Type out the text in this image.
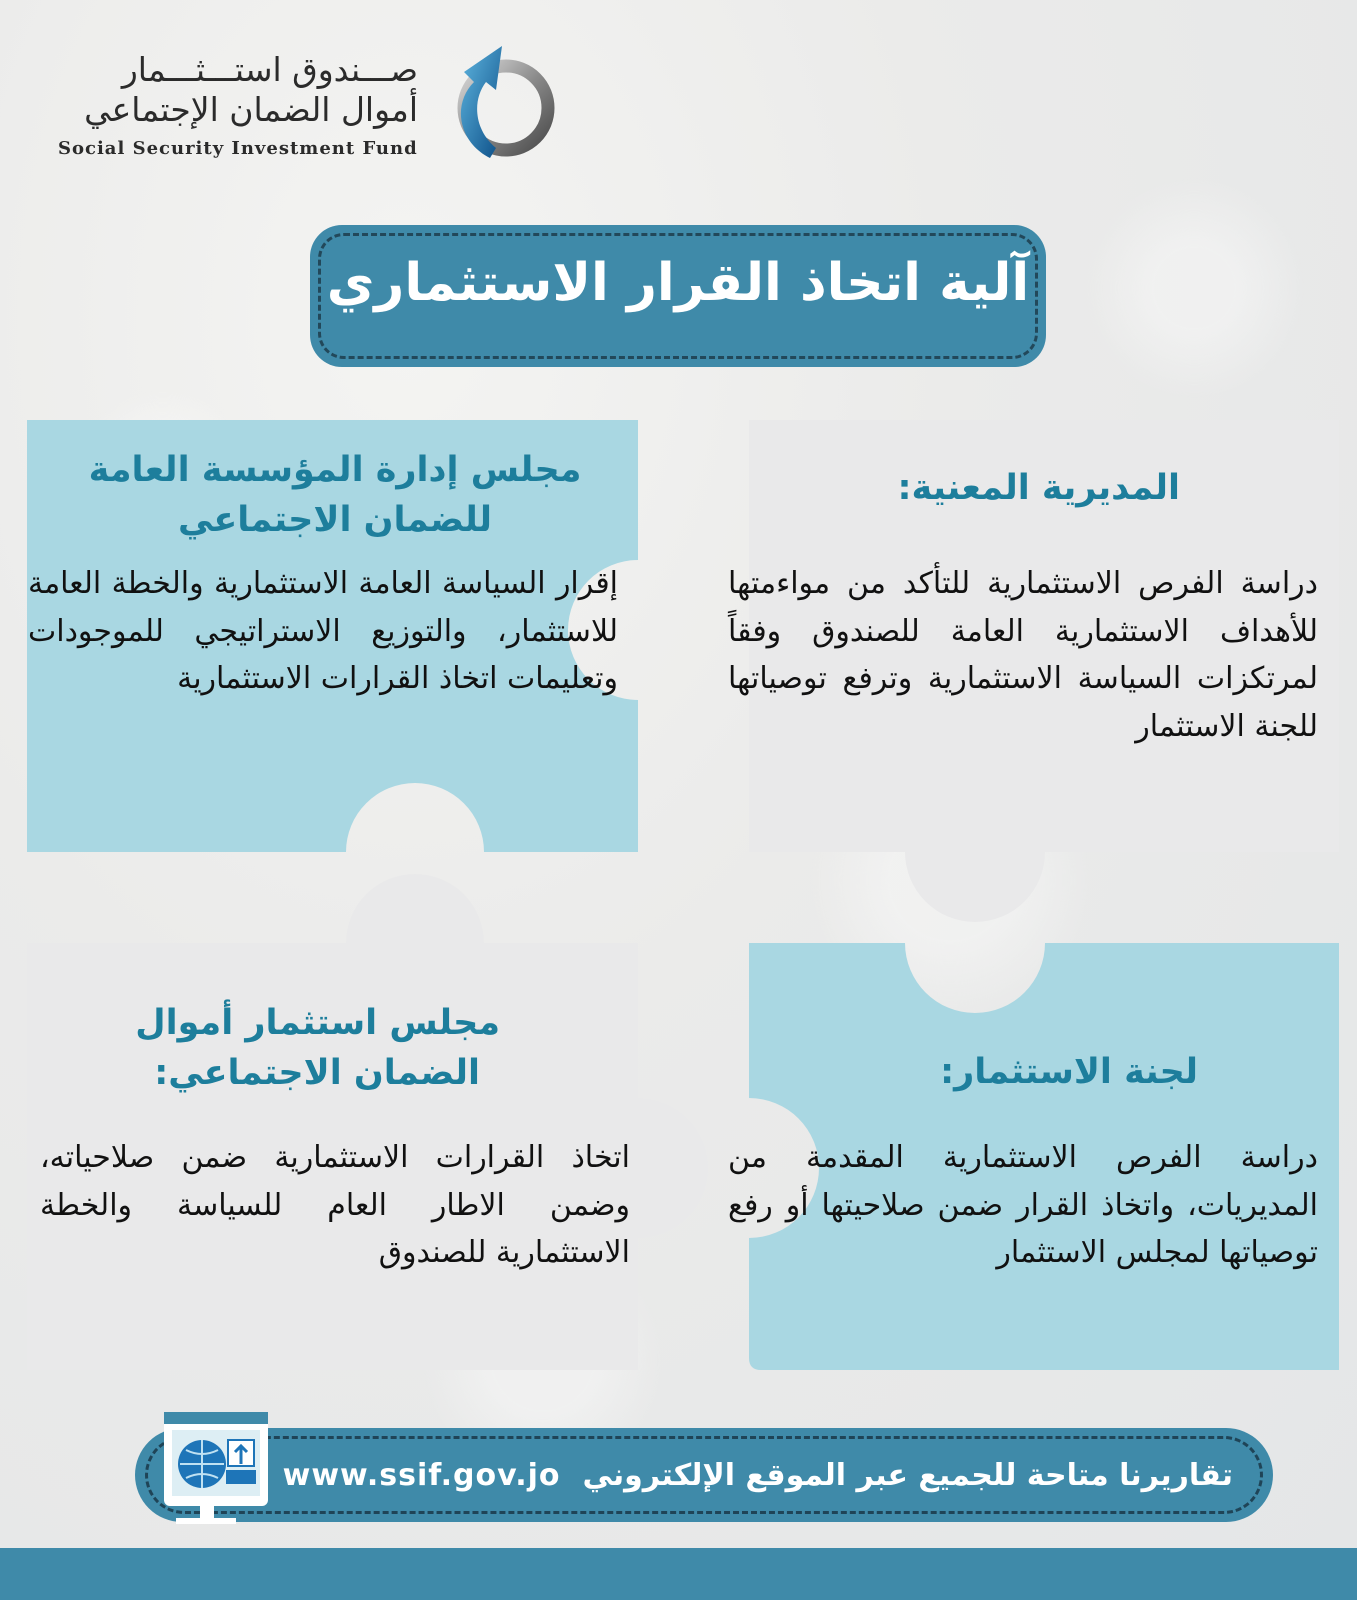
صـــندوق استـــثـــمار
أموال الضمان الإجتماعي
Social Security Investment Fund
آلية اتخاذ القرار الاستثماري
المديرية المعنية:
دراسة الفرص الاستثمارية للتأكد من مواءمتها للأهداف الاستثمارية العامة للصندوق وفقاً لمرتكزات السياسة الاستثمارية وترفع توصياتها للجنة الاستثمار
مجلس إدارة المؤسسة العامة
للضمان الاجتماعي
إقرار السياسة العامة الاستثمارية والخطة العامة للاستثمار، والتوزيع الاستراتيجي للموجودات وتعليمات اتخاذ القرارات الاستثمارية
لجنة الاستثمار:
دراسة الفرص الاستثمارية المقدمة من المديريات، واتخاذ القرار ضمن صلاحيتها أو رفع توصياتها لمجلس الاستثمار
مجلس استثمار أموال
الضمان الاجتماعي:
اتخاذ القرارات الاستثمارية ضمن صلاحياته، وضمن الاطار العام للسياسة والخطة الاستثمارية للصندوق
تقاريرنا متاحة للجميع عبر الموقع الإلكتروني
www.ssif.gov.jo
